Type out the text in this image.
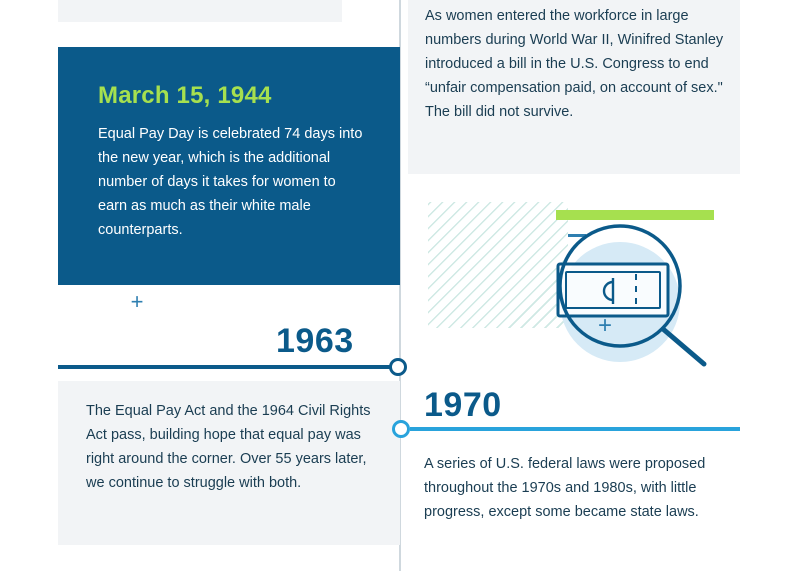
March 15, 1944
Equal Pay Day is celebrated 74 days into the new year, which is the additional number of days it takes for women to earn as much as their white male counterparts.
+
As women entered the workforce in large numbers during World War II, Winifred Stanley introduced a bill in the U.S. Congress to end “unfair compensation paid, on account of sex." The bill did not survive.
+
1963
The Equal Pay Act and the 1964 Civil Rights Act pass, building hope that equal pay was right around the corner. Over 55 years later, we continue to struggle with both.
1970
A series of U.S. federal laws were proposed throughout the 1970s and 1980s, with little progress, except some became state laws.
